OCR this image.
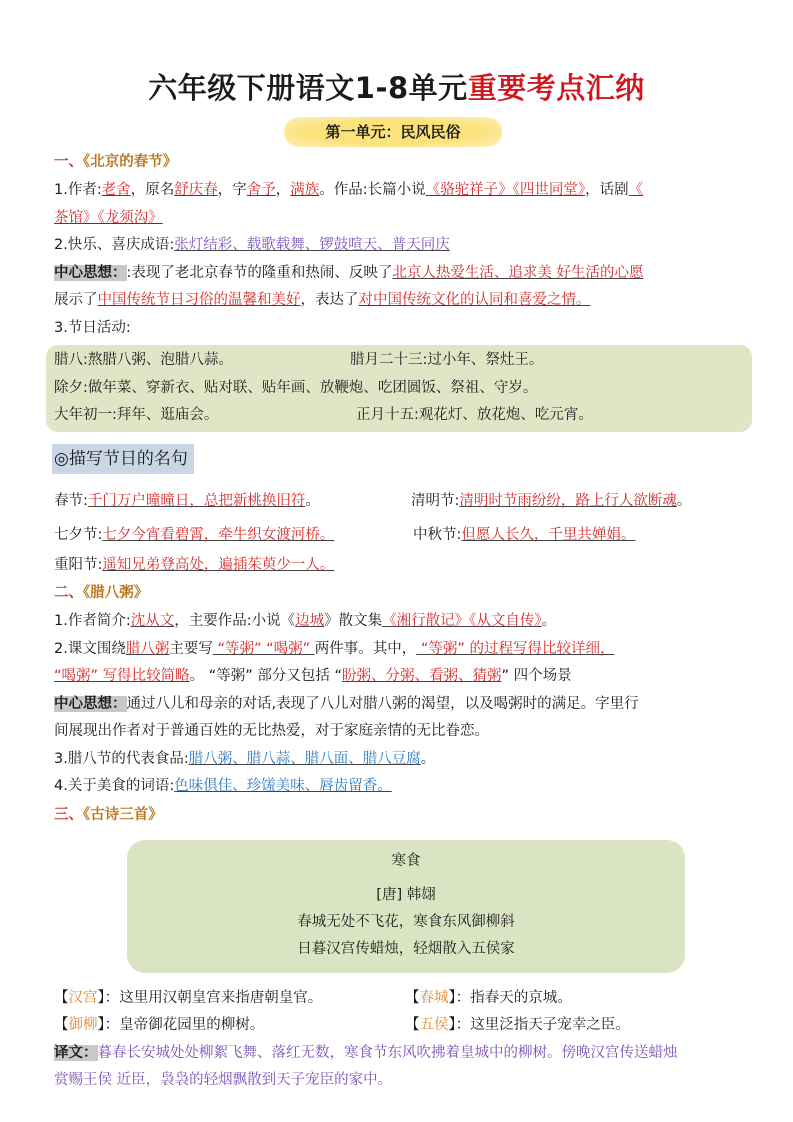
六年级下册语文1-8单元重要考点汇纳
第一单元：民风民俗
一、《北京的春节》
1.作者:老舍，原名舒庆春，字舍予，满族。作品:长篇小说《骆驼祥子》《四世同堂》，话剧《
茶馆》《龙须沟》
2.快乐、喜庆成语:张灯结彩、载歌载舞、锣鼓喧天、普天同庆
中心思想：:表现了老北京春节的隆重和热闹、反映了北京人热爱生活、追求美 好生活的心愿
展示了中国传统节日习俗的温馨和美好，表达了对中国传统文化的认同和喜爱之情。
3.节日活动:
腊八:熬腊八粥、泡腊八蒜。	腊月二十三:过小年、祭灶王。
除夕:做年菜、穿新衣、贴对联、贴年画、放鞭炮、吃团圆饭、祭祖、守岁。
大年初一:拜年、逛庙会。	正月十五:观花灯、放花炮、吃元宵。
◎描写节日的名句
春节:千门万户曈曈日，总把新桃换旧符。	清明节:清明时节雨纷纷，路上行人欲断魂。
七夕节:七夕今宵看碧霄，牵牛织女渡河桥。	中秋节:但愿人长久，千里共婵娟。
重阳节:遥知兄弟登高处，遍插茱萸少一人。
二、《腊八粥》
1.作者简介:沈从文，主要作品:小说《边城》散文集《湘行散记》《从文自传》。
2.课文围绕腊八粥主要写 “等粥” “喝粥” 两件事。其中， “等粥” 的过程写得比较详细，
“喝粥” 写得比较简略。 “等粥” 部分又包括 “盼粥、分粥、看粥、猜粥” 四个场景
中心思想：通过八儿和母亲的对话,表现了八儿对腊八粥的渴望，以及喝粥时的满足。字里行
间展现出作者对于普通百姓的无比热爱，对于家庭亲情的无比眷恋。
3.腊八节的代表食品:腊八粥、腊八蒜、腊八面、腊八豆腐。
4.关于美食的词语:色味俱佳、珍馐美味、唇齿留香。
三、《古诗三首》
寒食
[唐] 韩翃
春城无处不飞花，寒食东风御柳斜
日暮汉宫传蜡烛，轻烟散入五侯家
【汉宫】：这里用汉朝皇宫来指唐朝皇官。	【春城】：指春天的京城。
【御柳】：皇帝御花园里的柳树。	【五侯】：这里泛指天子宠幸之臣。
译文：暮春长安城处处柳絮飞舞、落红无数，寒食节东风吹拂着皇城中的柳树。傍晚汉宫传送蜡烛
赏赐王侯 近臣，袅袅的轻烟飘散到天子宠臣的家中。
